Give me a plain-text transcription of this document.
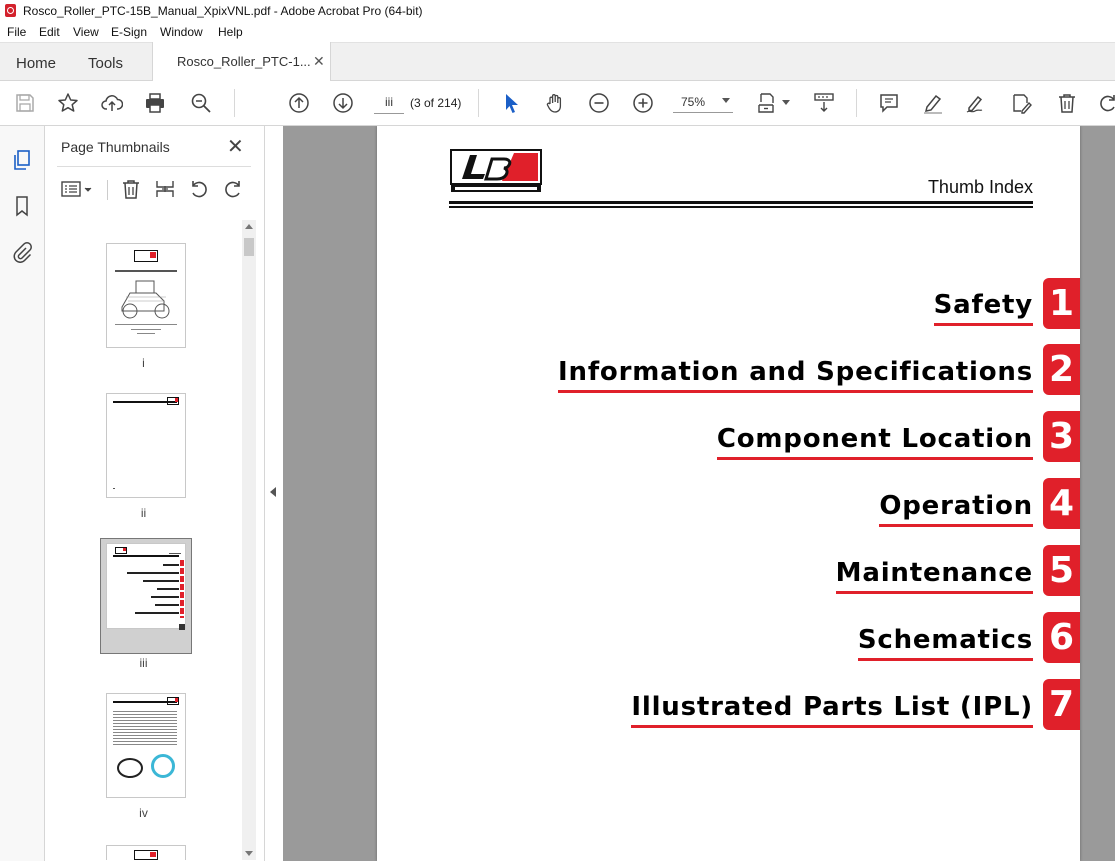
Rosco_Roller_PTC-15B_Manual_XpixVNL.pdf - Adobe Acrobat Pro (64-bit)
File Edit View E-Sign Window Help
Home Tools	Rosco_Roller_PTC-1... ✕
iii
(3 of 214)
75%
Page Thumbnails	✕
i
ii
iii
iv
Thumb Index
Safety 1
Information and Specifications 2
Component Location 3
Operation 4
Maintenance 5
Schematics 6
Illustrated Parts List (IPL) 7
